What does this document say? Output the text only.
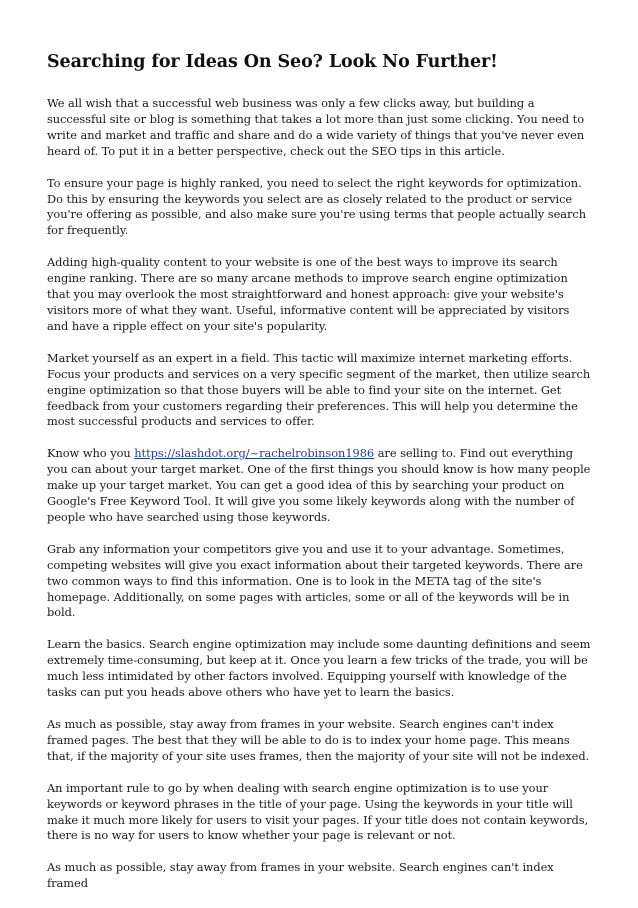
Searching for Ideas On Seo? Look No Further!

We all wish that a successful web business was only a few clicks away, but building a successful site or blog is something that takes a lot more than just some clicking. You need to write and market and traffic and share and do a wide variety of things that you've never even heard of. To put it in a better perspective, check out the SEO tips in this article.

To ensure your page is highly ranked, you need to select the right keywords for optimization. Do this by ensuring the keywords you select are as closely related to the product or service you're offering as possible, and also make sure you're using terms that people actually search for frequently.

Adding high-quality content to your website is one of the best ways to improve its search engine ranking. There are so many arcane methods to improve search engine optimization that you may overlook the most straightforward and honest approach: give your website's visitors more of what they want. Useful, informative content will be appreciated by visitors and have a ripple effect on your site's popularity.

Market yourself as an expert in a field. This tactic will maximize internet marketing efforts. Focus your products and services on a very specific segment of the market, then utilize search engine optimization so that those buyers will be able to find your site on the internet. Get feedback from your customers regarding their preferences. This will help you determine the most successful products and services to offer.

Know who you https://slashdot.org/~rachelrobinson1986 are selling to. Find out everything you can about your target market. One of the first things you should know is how many people make up your target market. You can get a good idea of this by searching your product on Google's Free Keyword Tool. It will give you some likely keywords along with the number of people who have searched using those keywords.

Grab any information your competitors give you and use it to your advantage. Sometimes, competing websites will give you exact information about their targeted keywords. There are two common ways to find this information. One is to look in the META tag of the site's homepage. Additionally, on some pages with articles, some or all of the keywords will be in bold.

Learn the basics. Search engine optimization may include some daunting definitions and seem extremely time-consuming, but keep at it. Once you learn a few tricks of the trade, you will be much less intimidated by other factors involved. Equipping yourself with knowledge of the tasks can put you heads above others who have yet to learn the basics.

As much as possible, stay away from frames in your website. Search engines can't index framed pages. The best that they will be able to do is to index your home page. This means that, if the majority of your site uses frames, then the majority of your site will not be indexed.

An important rule to go by when dealing with search engine optimization is to use your keywords or keyword phrases in the title of your page. Using the keywords in your title will make it much more likely for users to visit your pages. If your title does not contain keywords, there is no way for users to know whether your page is relevant or not.

As much as possible, stay away from frames in your website. Search engines can't index framed
